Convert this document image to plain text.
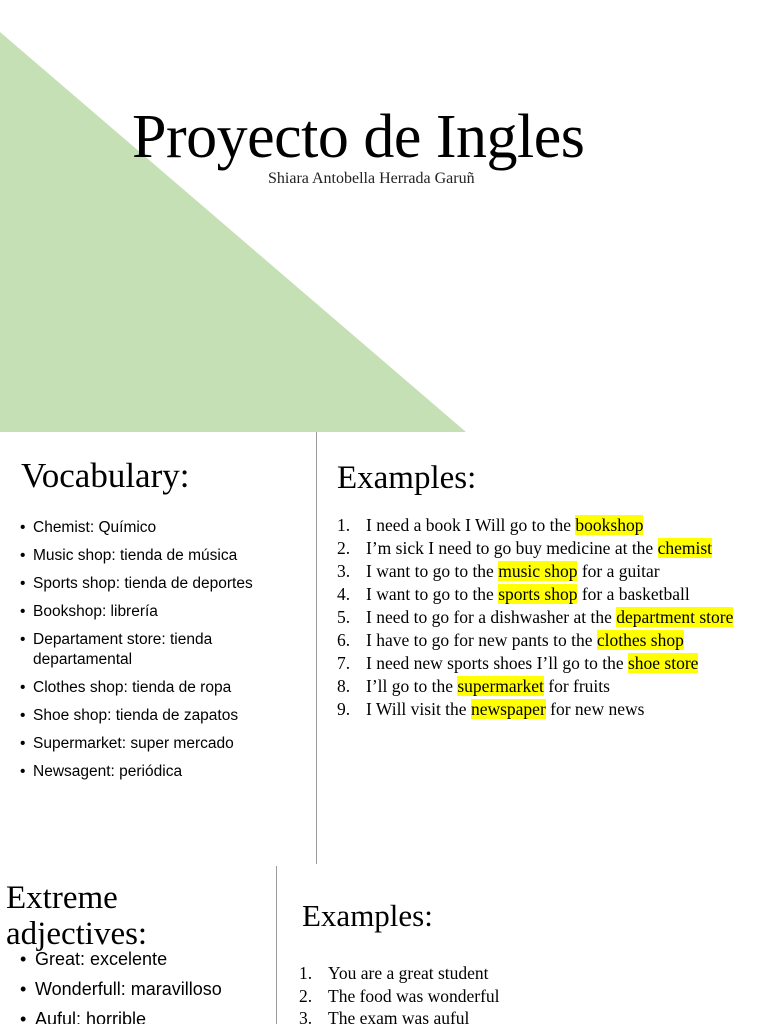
Proyecto de Ingles
Shiara Antobella Herrada Garuñ
Vocabulary:
• Chemist: Químico
• Music shop: tienda de música
• Sports shop: tienda de deportes
• Bookshop: librería
• Departament store: tienda departamental
• Clothes shop: tienda de ropa
• Shoe shop: tienda de zapatos
• Supermarket: super mercado
• Newsagent: periódica
Examples:
1. I need a book I Will go to the bookshop
2. I’m sick I need to go buy medicine at the chemist
3. I want to go to the music shop for a guitar
4. I want to go to the sports shop for a basketball
5. I need to go for a dishwasher at the department store
6. I have to go for new pants to the clothes shop
7. I need new sports shoes I’ll go to the shoe store
8. I’ll go to the supermarket for fruits
9. I Will visit the newspaper for new news
Extreme adjectives:
• Great: excelente
• Wonderfull: maravilloso
• Auful: horrible
Examples:
1. You are a great student
2. The food was wonderful
3. The exam was auful
